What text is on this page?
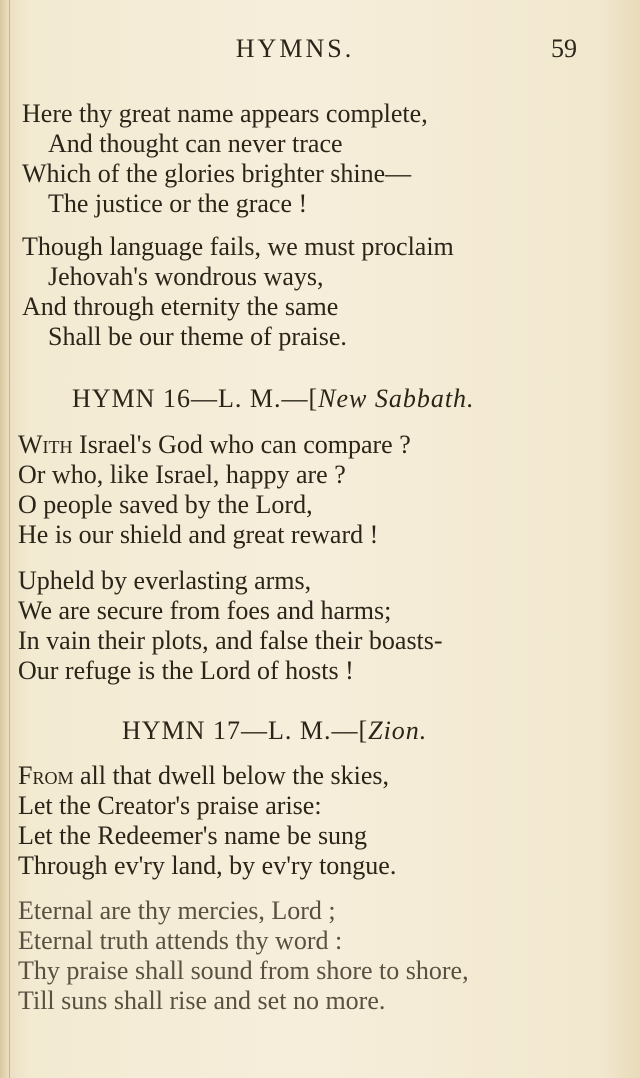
HYMNS.	59
Here thy great name appears complete,
And thought can never trace
Which of the glories brighter shine—
The justice or the grace !
Though language fails, we must proclaim
Jehovah's wondrous ways,
And through eternity the same
Shall be our theme of praise.
HYMN 16—L. M.—[New Sabbath.
With Israel's God who can compare ?
Or who, like Israel, happy are ?
O people saved by the Lord,
He is our shield and great reward !
Upheld by everlasting arms,
We are secure from foes and harms;
In vain their plots, and false their boasts-
Our refuge is the Lord of hosts !
HYMN 17—L. M.—[Zion.
From all that dwell below the skies,
Let the Creator's praise arise:
Let the Redeemer's name be sung
Through ev'ry land, by ev'ry tongue.
Eternal are thy mercies, Lord ;
Eternal truth attends thy word :
Thy praise shall sound from shore to shore,
Till suns shall rise and set no more.
